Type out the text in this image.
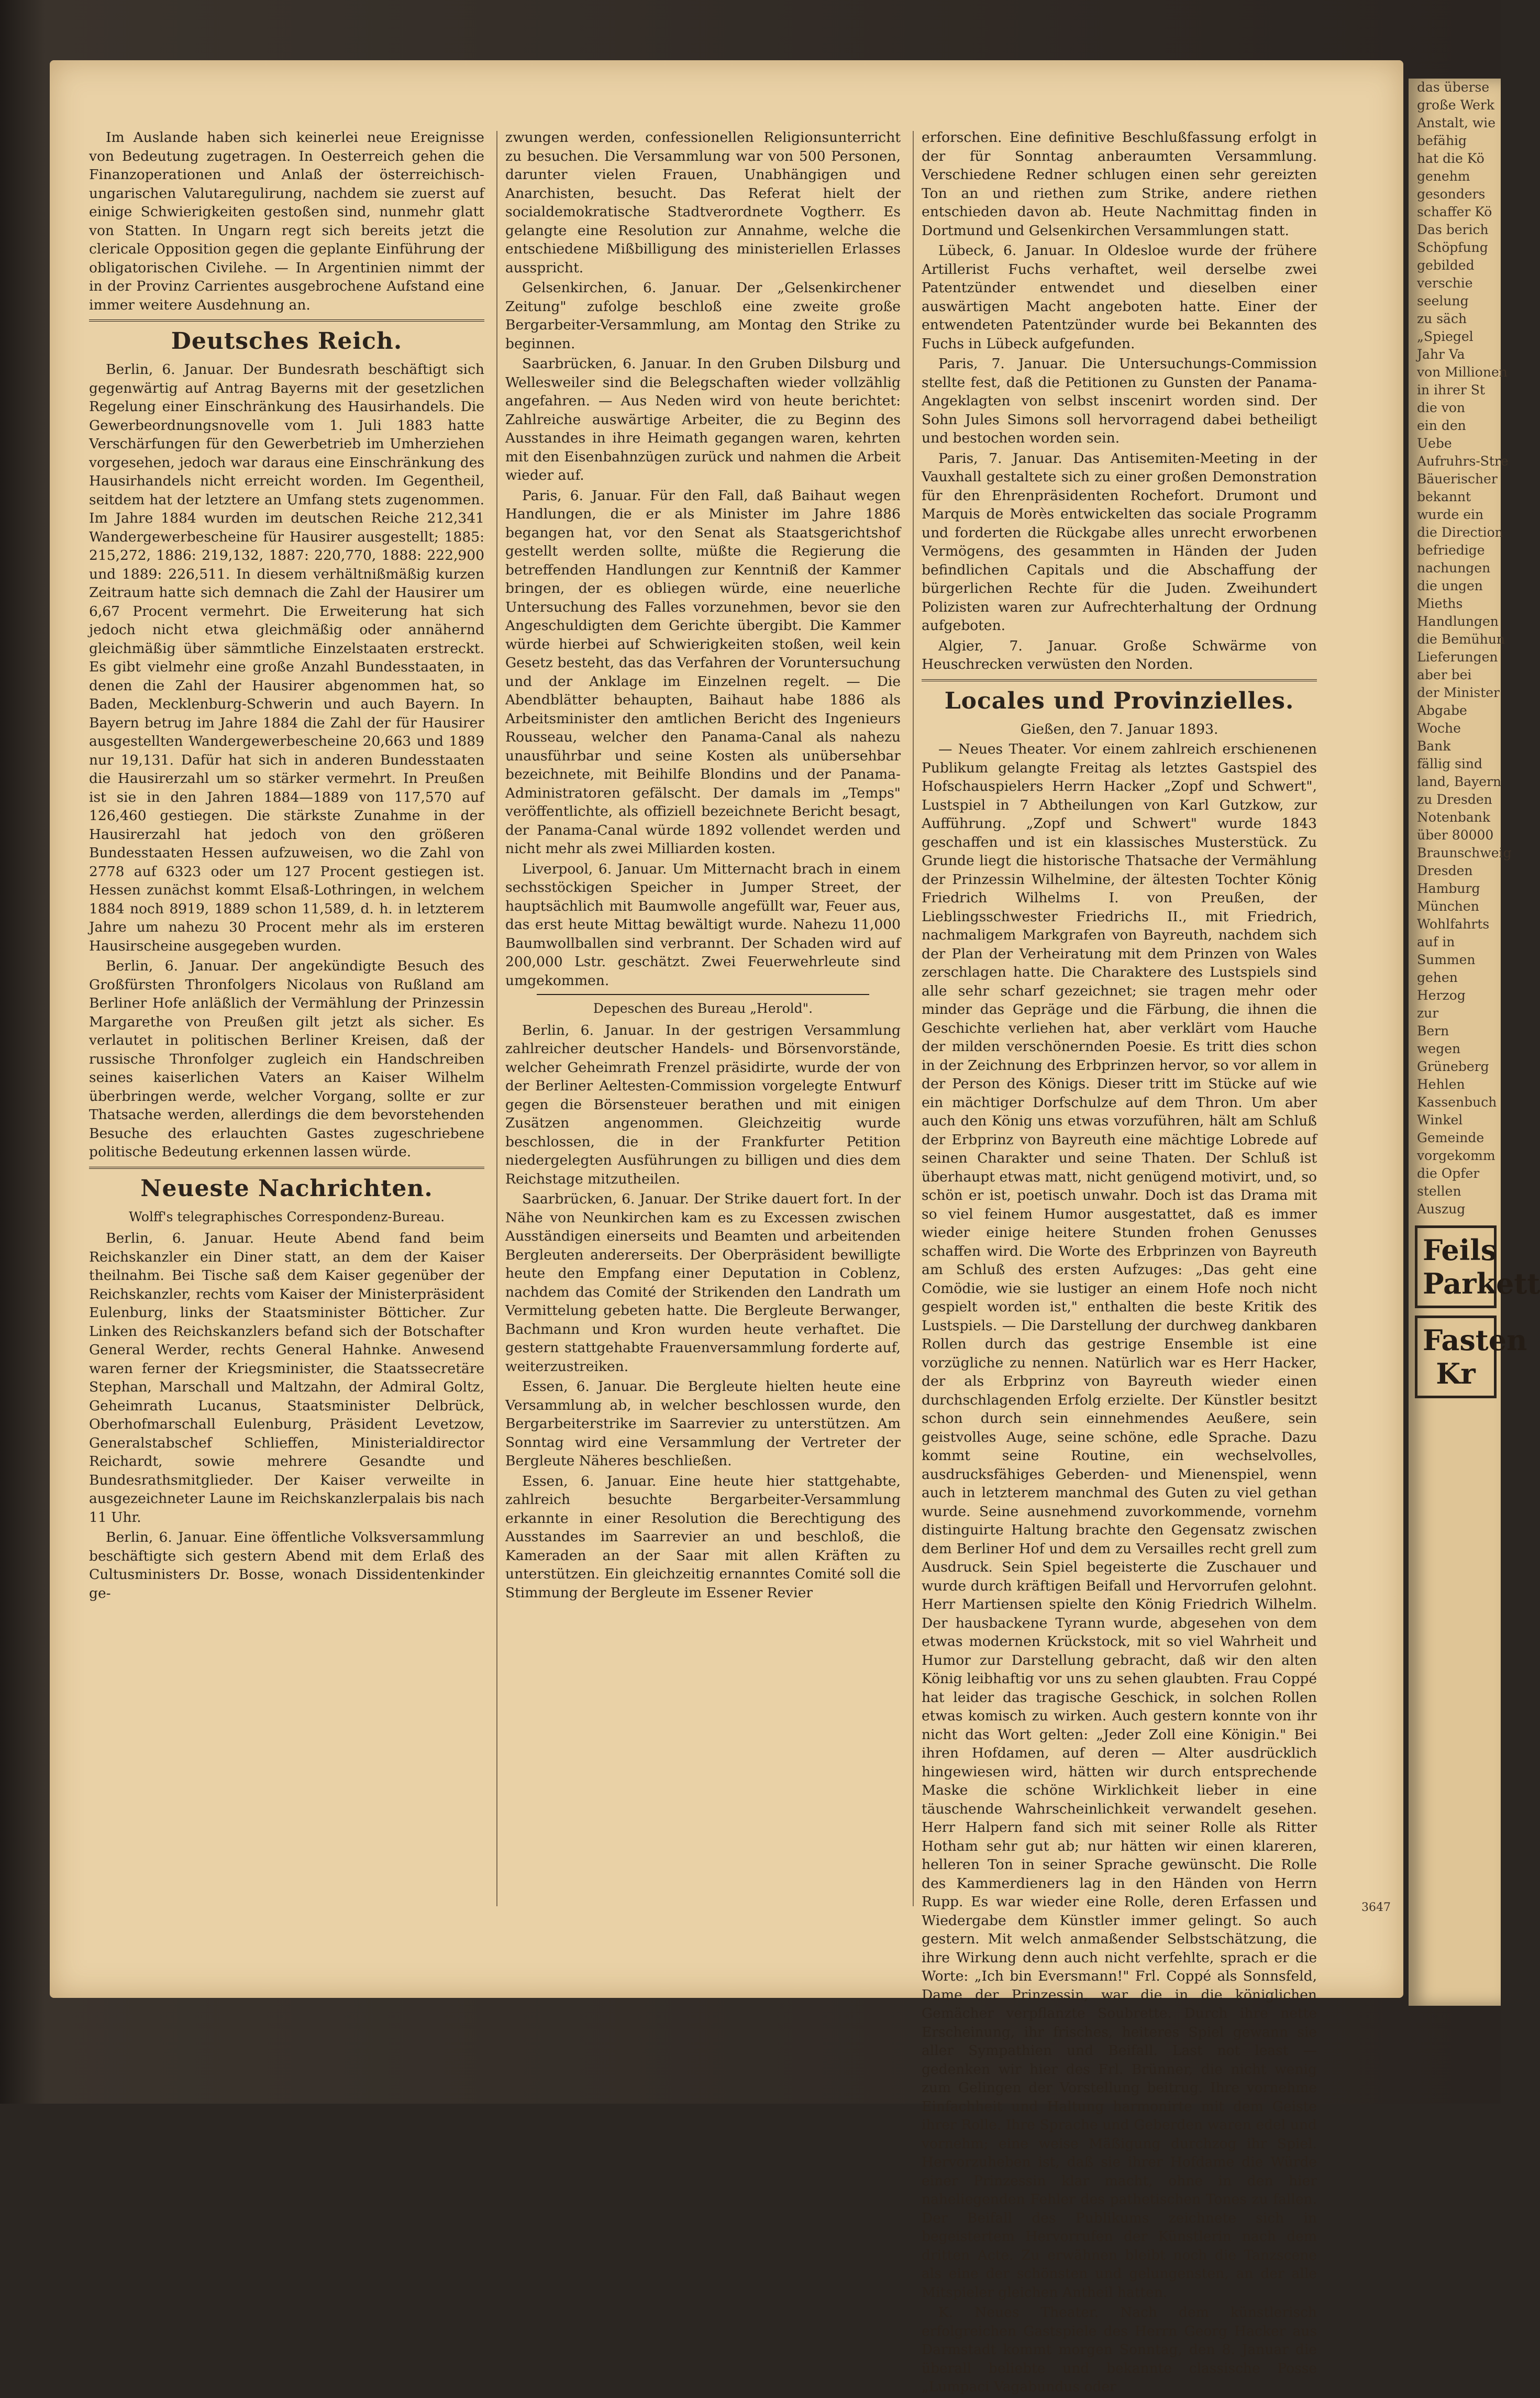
Im Auslande haben sich keinerlei neue Ereignisse von Bedeutung zugetragen. In Oesterreich gehen die Finanzoperationen und Anlaß der österreichisch-ungarischen Valutaregulirung, nachdem sie zuerst auf einige Schwierigkeiten gestoßen sind, nunmehr glatt von Statten. In Ungarn regt sich bereits jetzt die clericale Opposition gegen die geplante Einführung der obligatorischen Civilehe. — In Argentinien nimmt der in der Provinz Carrientes ausgebrochene Aufstand eine immer weitere Ausdehnung an.

Deutsches Reich.

Berlin, 6. Januar. Der Bundesrath beschäftigt sich gegenwärtig auf Antrag Bayerns mit der gesetzlichen Regelung einer Einschränkung des Hausirhandels. Die Gewerbeordnungsnovelle vom 1. Juli 1883 hatte Verschärfungen für den Gewerbetrieb im Umherziehen vorgesehen, jedoch war daraus eine Einschränkung des Hausirhandels nicht erreicht worden. Im Gegentheil, seitdem hat der letztere an Umfang stets zugenommen. Im Jahre 1884 wurden im deutschen Reiche 212,341 Wandergewerbescheine für Hausirer ausgestellt; 1885: 215,272, 1886: 219,132, 1887: 220,770, 1888: 222,900 und 1889: 226,511. In diesem verhältnißmäßig kurzen Zeitraum hatte sich demnach die Zahl der Hausirer um 6,67 Procent vermehrt. Die Erweiterung hat sich jedoch nicht etwa gleichmäßig oder annähernd gleichmäßig über sämmtliche Einzelstaaten erstreckt. Es gibt vielmehr eine große Anzahl Bundesstaaten, in denen die Zahl der Hausirer abgenommen hat, so Baden, Mecklenburg-Schwerin und auch Bayern. In Bayern betrug im Jahre 1884 die Zahl der für Hausirer ausgestellten Wandergewerbescheine 20,663 und 1889 nur 19,131. Dafür hat sich in anderen Bundesstaaten die Hausirerzahl um so stärker vermehrt. In Preußen ist sie in den Jahren 1884—1889 von 117,570 auf 126,460 gestiegen. Die stärkste Zunahme in der Hausirerzahl hat jedoch von den größeren Bundesstaaten Hessen aufzuweisen, wo die Zahl von 2778 auf 6323 oder um 127 Procent gestiegen ist. Hessen zunächst kommt Elsaß-Lothringen, in welchem 1884 noch 8919, 1889 schon 11,589, d. h. in letzterem Jahre um nahezu 30 Procent mehr als im ersteren Hausirscheine ausgegeben wurden.

Berlin, 6. Januar. Der angekündigte Besuch des Großfürsten Thronfolgers Nicolaus von Rußland am Berliner Hofe anläßlich der Vermählung der Prinzessin Margarethe von Preußen gilt jetzt als sicher. Es verlautet in politischen Berliner Kreisen, daß der russische Thronfolger zugleich ein Handschreiben seines kaiserlichen Vaters an Kaiser Wilhelm überbringen werde, welcher Vorgang, sollte er zur Thatsache werden, allerdings die dem bevorstehenden Besuche des erlauchten Gastes zugeschriebene politische Bedeutung erkennen lassen würde.

Neueste Nachrichten.
Wolff's telegraphisches Correspondenz-Bureau.

Berlin, 6. Januar. Heute Abend fand beim Reichskanzler ein Diner statt, an dem der Kaiser theilnahm. Bei Tische saß dem Kaiser gegenüber der Reichskanzler, rechts vom Kaiser der Ministerpräsident Eulenburg, links der Staatsminister Bötticher. Zur Linken des Reichskanzlers befand sich der Botschafter General Werder, rechts General Hahnke. Anwesend waren ferner der Kriegsminister, die Staatssecretäre Stephan, Marschall und Maltzahn, der Admiral Goltz, Geheimrath Lucanus, Staatsminister Delbrück, Oberhofmarschall Eulenburg, Präsident Levetzow, Generalstabschef Schlieffen, Ministerialdirector Reichardt, sowie mehrere Gesandte und Bundesrathsmitglieder. Der Kaiser verweilte in ausgezeichneter Laune im Reichskanzlerpalais bis nach 11 Uhr.

Berlin, 6. Januar. Eine öffentliche Volksversammlung beschäftigte sich gestern Abend mit dem Erlaß des Cultusministers Dr. Bosse, wonach Dissidentenkinder ge-

zwungen werden, confessionellen Religionsunterricht zu besuchen. Die Versammlung war von 500 Personen, darunter vielen Frauen, Unabhängigen und Anarchisten, besucht. Das Referat hielt der socialdemokratische Stadtverordnete Vogtherr. Es gelangte eine Resolution zur Annahme, welche die entschiedene Mißbilligung des ministeriellen Erlasses ausspricht.

Gelsenkirchen, 6. Januar. Der „Gelsenkirchener Zeitung" zufolge beschloß eine zweite große Bergarbeiter-Versammlung, am Montag den Strike zu beginnen.

Saarbrücken, 6. Januar. In den Gruben Dilsburg und Wellesweiler sind die Belegschaften wieder vollzählig angefahren. — Aus Neden wird von heute berichtet: Zahlreiche auswärtige Arbeiter, die zu Beginn des Ausstandes in ihre Heimath gegangen waren, kehrten mit den Eisenbahnzügen zurück und nahmen die Arbeit wieder auf.

Paris, 6. Januar. Für den Fall, daß Baihaut wegen Handlungen, die er als Minister im Jahre 1886 begangen hat, vor den Senat als Staatsgerichtshof gestellt werden sollte, müßte die Regierung die betreffenden Handlungen zur Kenntniß der Kammer bringen, der es obliegen würde, eine neuerliche Untersuchung des Falles vorzunehmen, bevor sie den Angeschuldigten dem Gerichte übergibt. Die Kammer würde hierbei auf Schwierigkeiten stoßen, weil kein Gesetz besteht, das das Verfahren der Voruntersuchung und der Anklage im Einzelnen regelt. — Die Abendblätter behaupten, Baihaut habe 1886 als Arbeitsminister den amtlichen Bericht des Ingenieurs Rousseau, welcher den Panama-Canal als nahezu unausführbar und seine Kosten als unübersehbar bezeichnete, mit Beihilfe Blondins und der Panama-Administratoren gefälscht. Der damals im „Temps" veröffentlichte, als offiziell bezeichnete Bericht besagt, der Panama-Canal würde 1892 vollendet werden und nicht mehr als zwei Milliarden kosten.

Liverpool, 6. Januar. Um Mitternacht brach in einem sechsstöckigen Speicher in Jumper Street, der hauptsächlich mit Baumwolle angefüllt war, Feuer aus, das erst heute Mittag bewältigt wurde. Nahezu 11,000 Baumwollballen sind verbrannt. Der Schaden wird auf 200,000 Lstr. geschätzt. Zwei Feuerwehrleute sind umgekommen.

Depeschen des Bureau „Herold".

Berlin, 6. Januar. In der gestrigen Versammlung zahlreicher deutscher Handels- und Börsenvorstände, welcher Geheimrath Frenzel präsidirte, wurde der von der Berliner Aeltesten-Commission vorgelegte Entwurf gegen die Börsensteuer berathen und mit einigen Zusätzen angenommen. Gleichzeitig wurde beschlossen, die in der Frankfurter Petition niedergelegten Ausführungen zu billigen und dies dem Reichstage mitzutheilen.

Saarbrücken, 6. Januar. Der Strike dauert fort. In der Nähe von Neunkirchen kam es zu Excessen zwischen Ausständigen einerseits und Beamten und arbeitenden Bergleuten andererseits. Der Oberpräsident bewilligte heute den Empfang einer Deputation in Coblenz, nachdem das Comité der Strikenden den Landrath um Vermittelung gebeten hatte. Die Bergleute Berwanger, Bachmann und Kron wurden heute verhaftet. Die gestern stattgehabte Frauenversammlung forderte auf, weiterzustreiken.

Essen, 6. Januar. Die Bergleute hielten heute eine Versammlung ab, in welcher beschlossen wurde, den Bergarbeiterstrike im Saarrevier zu unterstützen. Am Sonntag wird eine Versammlung der Vertreter der Bergleute Näheres beschließen.

Essen, 6. Januar. Eine heute hier stattgehabte, zahlreich besuchte Bergarbeiter-Versammlung erkannte in einer Resolution die Berechtigung des Ausstandes im Saarrevier an und beschloß, die Kameraden an der Saar mit allen Kräften zu unterstützen. Ein gleichzeitig ernanntes Comité soll die Stimmung der Bergleute im Essener Revier

erforschen. Eine definitive Beschlußfassung erfolgt in der für Sonntag anberaumten Versammlung. Verschiedene Redner schlugen einen sehr gereizten Ton an und riethen zum Strike, andere riethen entschieden davon ab. Heute Nachmittag finden in Dortmund und Gelsenkirchen Versammlungen statt.

Lübeck, 6. Januar. In Oldesloe wurde der frühere Artillerist Fuchs verhaftet, weil derselbe zwei Patentzünder entwendet und dieselben einer auswärtigen Macht angeboten hatte. Einer der entwendeten Patentzünder wurde bei Bekannten des Fuchs in Lübeck aufgefunden.

Paris, 7. Januar. Die Untersuchungs-Commission stellte fest, daß die Petitionen zu Gunsten der Panama-Angeklagten von selbst inscenirt worden sind. Der Sohn Jules Simons soll hervorragend dabei betheiligt und bestochen worden sein.

Paris, 7. Januar. Das Antisemiten-Meeting in der Vauxhall gestaltete sich zu einer großen Demonstration für den Ehrenpräsidenten Rochefort. Drumont und Marquis de Morès entwickelten das sociale Programm und forderten die Rückgabe alles unrecht erworbenen Vermögens, des gesammten in Händen der Juden befindlichen Capitals und die Abschaffung der bürgerlichen Rechte für die Juden. Zweihundert Polizisten waren zur Aufrechterhaltung der Ordnung aufgeboten.

Algier, 7. Januar. Große Schwärme von Heuschrecken verwüsten den Norden.

Locales und Provinzielles.

Gießen, den 7. Januar 1893.

— Neues Theater. Vor einem zahlreich erschienenen Publikum gelangte Freitag als letztes Gastspiel des Hofschauspielers Herrn Hacker „Zopf und Schwert", Lustspiel in 7 Abtheilungen von Karl Gutzkow, zur Aufführung. „Zopf und Schwert" wurde 1843 geschaffen und ist ein klassisches Musterstück. Zu Grunde liegt die historische Thatsache der Vermählung der Prinzessin Wilhelmine, der ältesten Tochter König Friedrich Wilhelms I. von Preußen, der Lieblingsschwester Friedrichs II., mit Friedrich, nachmaligem Markgrafen von Bayreuth, nachdem sich der Plan der Verheiratung mit dem Prinzen von Wales zerschlagen hatte. Die Charaktere des Lustspiels sind alle sehr scharf gezeichnet; sie tragen mehr oder minder das Gepräge und die Färbung, die ihnen die Geschichte verliehen hat, aber verklärt vom Hauche der milden verschönernden Poesie. Es tritt dies schon in der Zeichnung des Erbprinzen hervor, so vor allem in der Person des Königs. Dieser tritt im Stücke auf wie ein mächtiger Dorfschulze auf dem Thron. Um aber auch den König uns etwas vorzuführen, hält am Schluß der Erbprinz von Bayreuth eine mächtige Lobrede auf seinen Charakter und seine Thaten. Der Schluß ist überhaupt etwas matt, nicht genügend motivirt, und, so schön er ist, poetisch unwahr. Doch ist das Drama mit so viel feinem Humor ausgestattet, daß es immer wieder einige heitere Stunden frohen Genusses schaffen wird. Die Worte des Erbprinzen von Bayreuth am Schluß des ersten Aufzuges: „Das geht eine Comödie, wie sie lustiger an einem Hofe noch nicht gespielt worden ist," enthalten die beste Kritik des Lustspiels. — Die Darstellung der durchweg dankbaren Rollen durch das gestrige Ensemble ist eine vorzügliche zu nennen. Natürlich war es Herr Hacker, der als Erbprinz von Bayreuth wieder einen durchschlagenden Erfolg erzielte. Der Künstler besitzt schon durch sein einnehmendes Aeußere, sein geistvolles Auge, seine schöne, edle Sprache. Dazu kommt seine Routine, ein wechselvolles, ausdrucksfähiges Geberden- und Mienenspiel, wenn auch in letzterem manchmal des Guten zu viel gethan wurde. Seine ausnehmend zuvorkommende, vornehm distinguirte Haltung brachte den Gegensatz zwischen dem Berliner Hof und dem zu Versailles recht grell zum Ausdruck. Sein Spiel begeisterte die Zuschauer und wurde durch kräftigen Beifall und Hervorrufen gelohnt. Herr Martiensen spielte den König Friedrich Wilhelm. Der hausbackene Tyrann wurde, abgesehen von dem etwas modernen Krückstock, mit so viel Wahrheit und Humor zur Darstellung gebracht, daß wir den alten König leibhaftig vor uns zu sehen glaubten. Frau Coppé hat leider das tragische Geschick, in solchen Rollen etwas komisch zu wirken. Auch gestern konnte von ihr nicht das Wort gelten: „Jeder Zoll eine Königin." Bei ihren Hofdamen, auf deren — Alter ausdrücklich hingewiesen wird, hätten wir durch entsprechende Maske die schöne Wirklichkeit lieber in eine täuschende Wahrscheinlichkeit verwandelt gesehen. Herr Halpern fand sich mit seiner Rolle als Ritter Hotham sehr gut ab; nur hätten wir einen klareren, helleren Ton in seiner Sprache gewünscht. Die Rolle des Kammerdieners lag in den Händen von Herrn Rupp. Es war wieder eine Rolle, deren Erfassen und Wiedergabe dem Künstler immer gelingt. So auch gestern. Mit welch anmaßender Selbstschätzung, die ihre Wirkung denn auch nicht verfehlte, sprach er die Worte: „Ich bin Eversmann!" Frl. Coppé als Sonnsfeld, Dame der Prinzessin, war die in die königlichen Gemächer verpflanzte Soubrette. Durch ihre nette Erscheinung, ihr frisches, heiteres Spiel gewann sie aller Sympathien und Beifall. Last not least — gedenken wir hier des Frl. Brünner, die nicht wenig zum Gelingen der Vorstellung beitrug. Ihre vornehme Einfachheit und Haltung harmonirte mit dem Geiste ihrer Rolle. Ihre Sprache und Geberden waren edel und vornehm; eine weise Mäßigung durchzog ihr Spiel. Hervorzuheben ist, daß sie ihrer Hofdame die Würde einer Prinzessin klar macht, ohne in den hier naheliegenden Fehler des pathetischen Tones zu fallen. Der Beifall des Publikums zeichnete sich in begeistertem Hervorrufen der Künstlerin nach dem dritten Acte. Zu erwähnen bleibt noch die Tanzscene als eine der schönsten und gelungensten, an der alle Mitspieler gleichen Antheil hatten.

K. Neues Theater. Nach dem künstlerisch erfolgreichen Gastspiele des Herrn Georg Hacker aus Darmstadt kommt morgen Sonntag, den 8. Januar die überall beliebte und bekannte classische Posse „Lumpaci Vagabundus oder

das überse

große Werk

Anstalt, wie

befähig

hat die Kö

genehm

gesonders

schaffer Kö

Das berich

Schöpfung

gebilded

verschie

seelung

zu säch

„Spiegel

Jahr Va

von Millionen

in ihrer St

die von

ein den

Uebe

Aufruhrs-Stre

Bäuerischer

bekannt

wurde ein

die Direction

befriedige

nachungen

die ungen

Mieths

Handlungen

die Bemühun

Lieferungen

aber bei

der Minister

Abgabe

Woche

Bank

fällig sind

land, Bayern

zu Dresden

Notenbank

über 80000

Braunschweig

Dresden

Hamburg

München

Wohlfahrts

auf in

Summen

gehen

Herzog

zur

Bern

wegen

Grüneberg

Hehlen

Kassenbuch

Winkel

Gemeinde

vorgekomm

die Opfer

stellen

Auszug

Feils
Parkett
Fasten
Kr
3647
